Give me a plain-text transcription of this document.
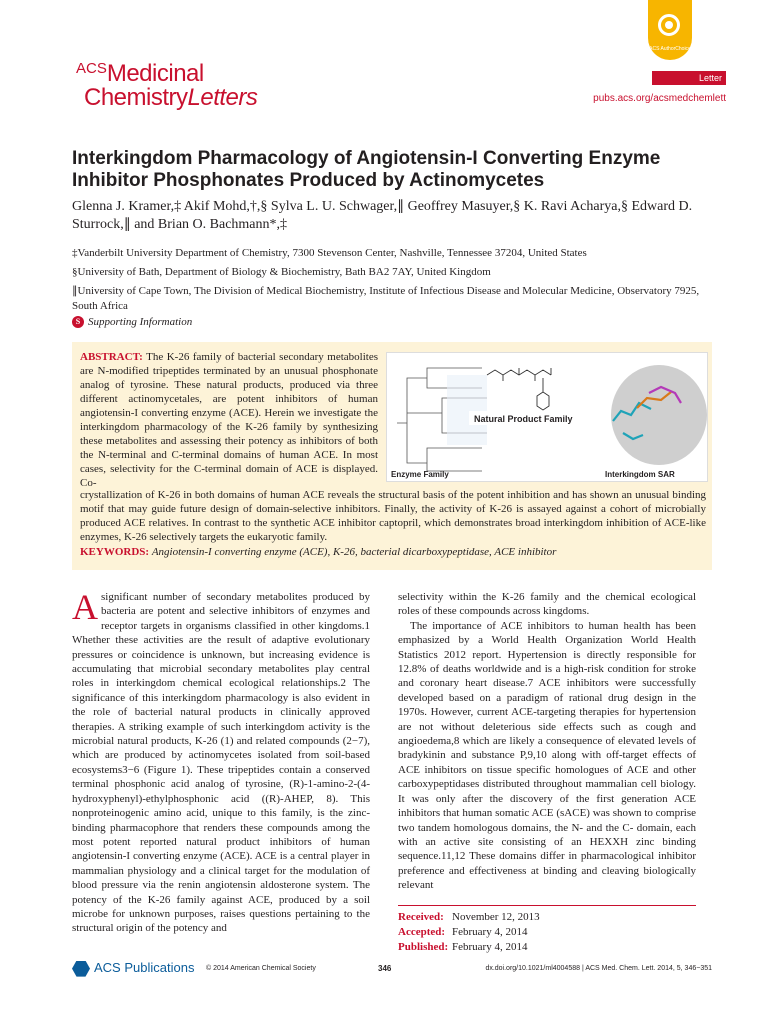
ACS AuthorChoice
ACSMedicinal
ChemistryLetters
Letter
pubs.acs.org/acsmedchemlett
Interkingdom Pharmacology of Angiotensin-I Converting Enzyme Inhibitor Phosphonates Produced by Actinomycetes
Glenna J. Kramer,‡ Akif Mohd,†,§ Sylva L. U. Schwager,∥ Geoffrey Masuyer,§ K. Ravi Acharya,§ Edward D. Sturrock,∥ and Brian O. Bachmann*,‡

‡Vanderbilt University Department of Chemistry, 7300 Stevenson Center, Nashville, Tennessee 37204, United States

§University of Bath, Department of Biology & Biochemistry, Bath BA2 7AY, United Kingdom

∥University of Cape Town, The Division of Medical Biochemistry, Institute of Infectious Disease and Molecular Medicine, Observatory 7925, South Africa

S Supporting Information
ABSTRACT: The K-26 family of bacterial secondary metabolites are N-modified tripeptides terminated by an unusual phosphonate analog of tyrosine. These natural products, produced via three different actinomycetales, are potent inhibitors of human angiotensin-I converting enzyme (ACE). Herein we investigate the interkingdom pharmacology of the K-26 family by synthesizing these metabolites and assessing their potency as inhibitors of both the N-terminal and C-terminal domains of human ACE. In most cases, selectivity for the C-terminal domain of ACE is displayed. Co-
Natural Product Family
Enzyme Family	Interkingdom SAR
crystallization of K-26 in both domains of human ACE reveals the structural basis of the potent inhibition and has shown an unusual binding motif that may guide future design of domain-selective inhibitors. Finally, the activity of K-26 is assayed against a cohort of microbially produced ACE relatives. In contrast to the synthetic ACE inhibitor captopril, which demonstrates broad interkingdom inhibition of ACE-like enzymes, K-26 selectively targets the eukaryotic family.
KEYWORDS: Angiotensin-I converting enzyme (ACE), K-26, bacterial dicarboxypeptidase, ACE inhibitor
A significant number of secondary metabolites produced by bacteria are potent and selective inhibitors of enzymes and receptor targets in organisms classified in other kingdoms.1 Whether these activities are the result of adaptive evolutionary pressures or coincidence is unknown, but increasing evidence is accumulating that microbial secondary metabolites play central roles in interkingdom chemical ecological relationships.2 The significance of this interkingdom pharmacology is also evident in the role of bacterial natural products in clinically approved therapies. A striking example of such interkingdom activity is the microbial natural products, K-26 (1) and related compounds (2−7), which are produced by actinomycetes isolated from soil-based ecosystems3−6 (Figure 1). These tripeptides contain a conserved terminal phosphonic acid analog of tyrosine, (R)-1-amino-2-(4-hydroxyphenyl)-ethylphosphonic acid ((R)-AHEP, 8). This nonproteinogenic amino acid, unique to this family, is the zinc-binding pharmacophore that renders these compounds among the most potent reported natural product inhibitors of human angiotensin-I converting enzyme (ACE). ACE is a central player in mammalian physiology and a clinical target for the modulation of blood pressure via the renin angiotensin aldosterone system. The potency of the K-26 family against ACE, produced by a soil microbe for unknown purposes, raises questions pertaining to the structural origin of the potency and

selectivity within the K-26 family and the chemical ecological roles of these compounds across kingdoms.

The importance of ACE inhibitors to human health has been emphasized by a World Health Organization World Health Statistics 2012 report. Hypertension is directly responsible for 12.8% of deaths worldwide and is a high-risk condition for stroke and coronary heart disease.7 ACE inhibitors were successfully developed based on a paradigm of rational drug design in the 1970s. However, current ACE-targeting therapies for hypertension are not without deleterious side effects such as cough and angioedema,8 which are likely a consequence of elevated levels of bradykinin and substance P,9,10 along with off-target effects of ACE inhibitors on tissue specific homologues of ACE and other carboxypeptidases distributed throughout mammalian cell biology. It was only after the discovery of the first generation ACE inhibitors that human somatic ACE (sACE) was shown to comprise two tandem homologous domains, the N- and the C- domain, each with an active site consisting of an HEXXH zinc binding sequence.11,12 These domains differ in pharmacological inhibitor preference and effectiveness at binding and cleaving biologically relevant

Received: November 12, 2013
Accepted: February 4, 2014
Published: February 4, 2014
ACS Publications © 2014 American Chemical Society	346	dx.doi.org/10.1021/ml4004588 | ACS Med. Chem. Lett. 2014, 5, 346−351
